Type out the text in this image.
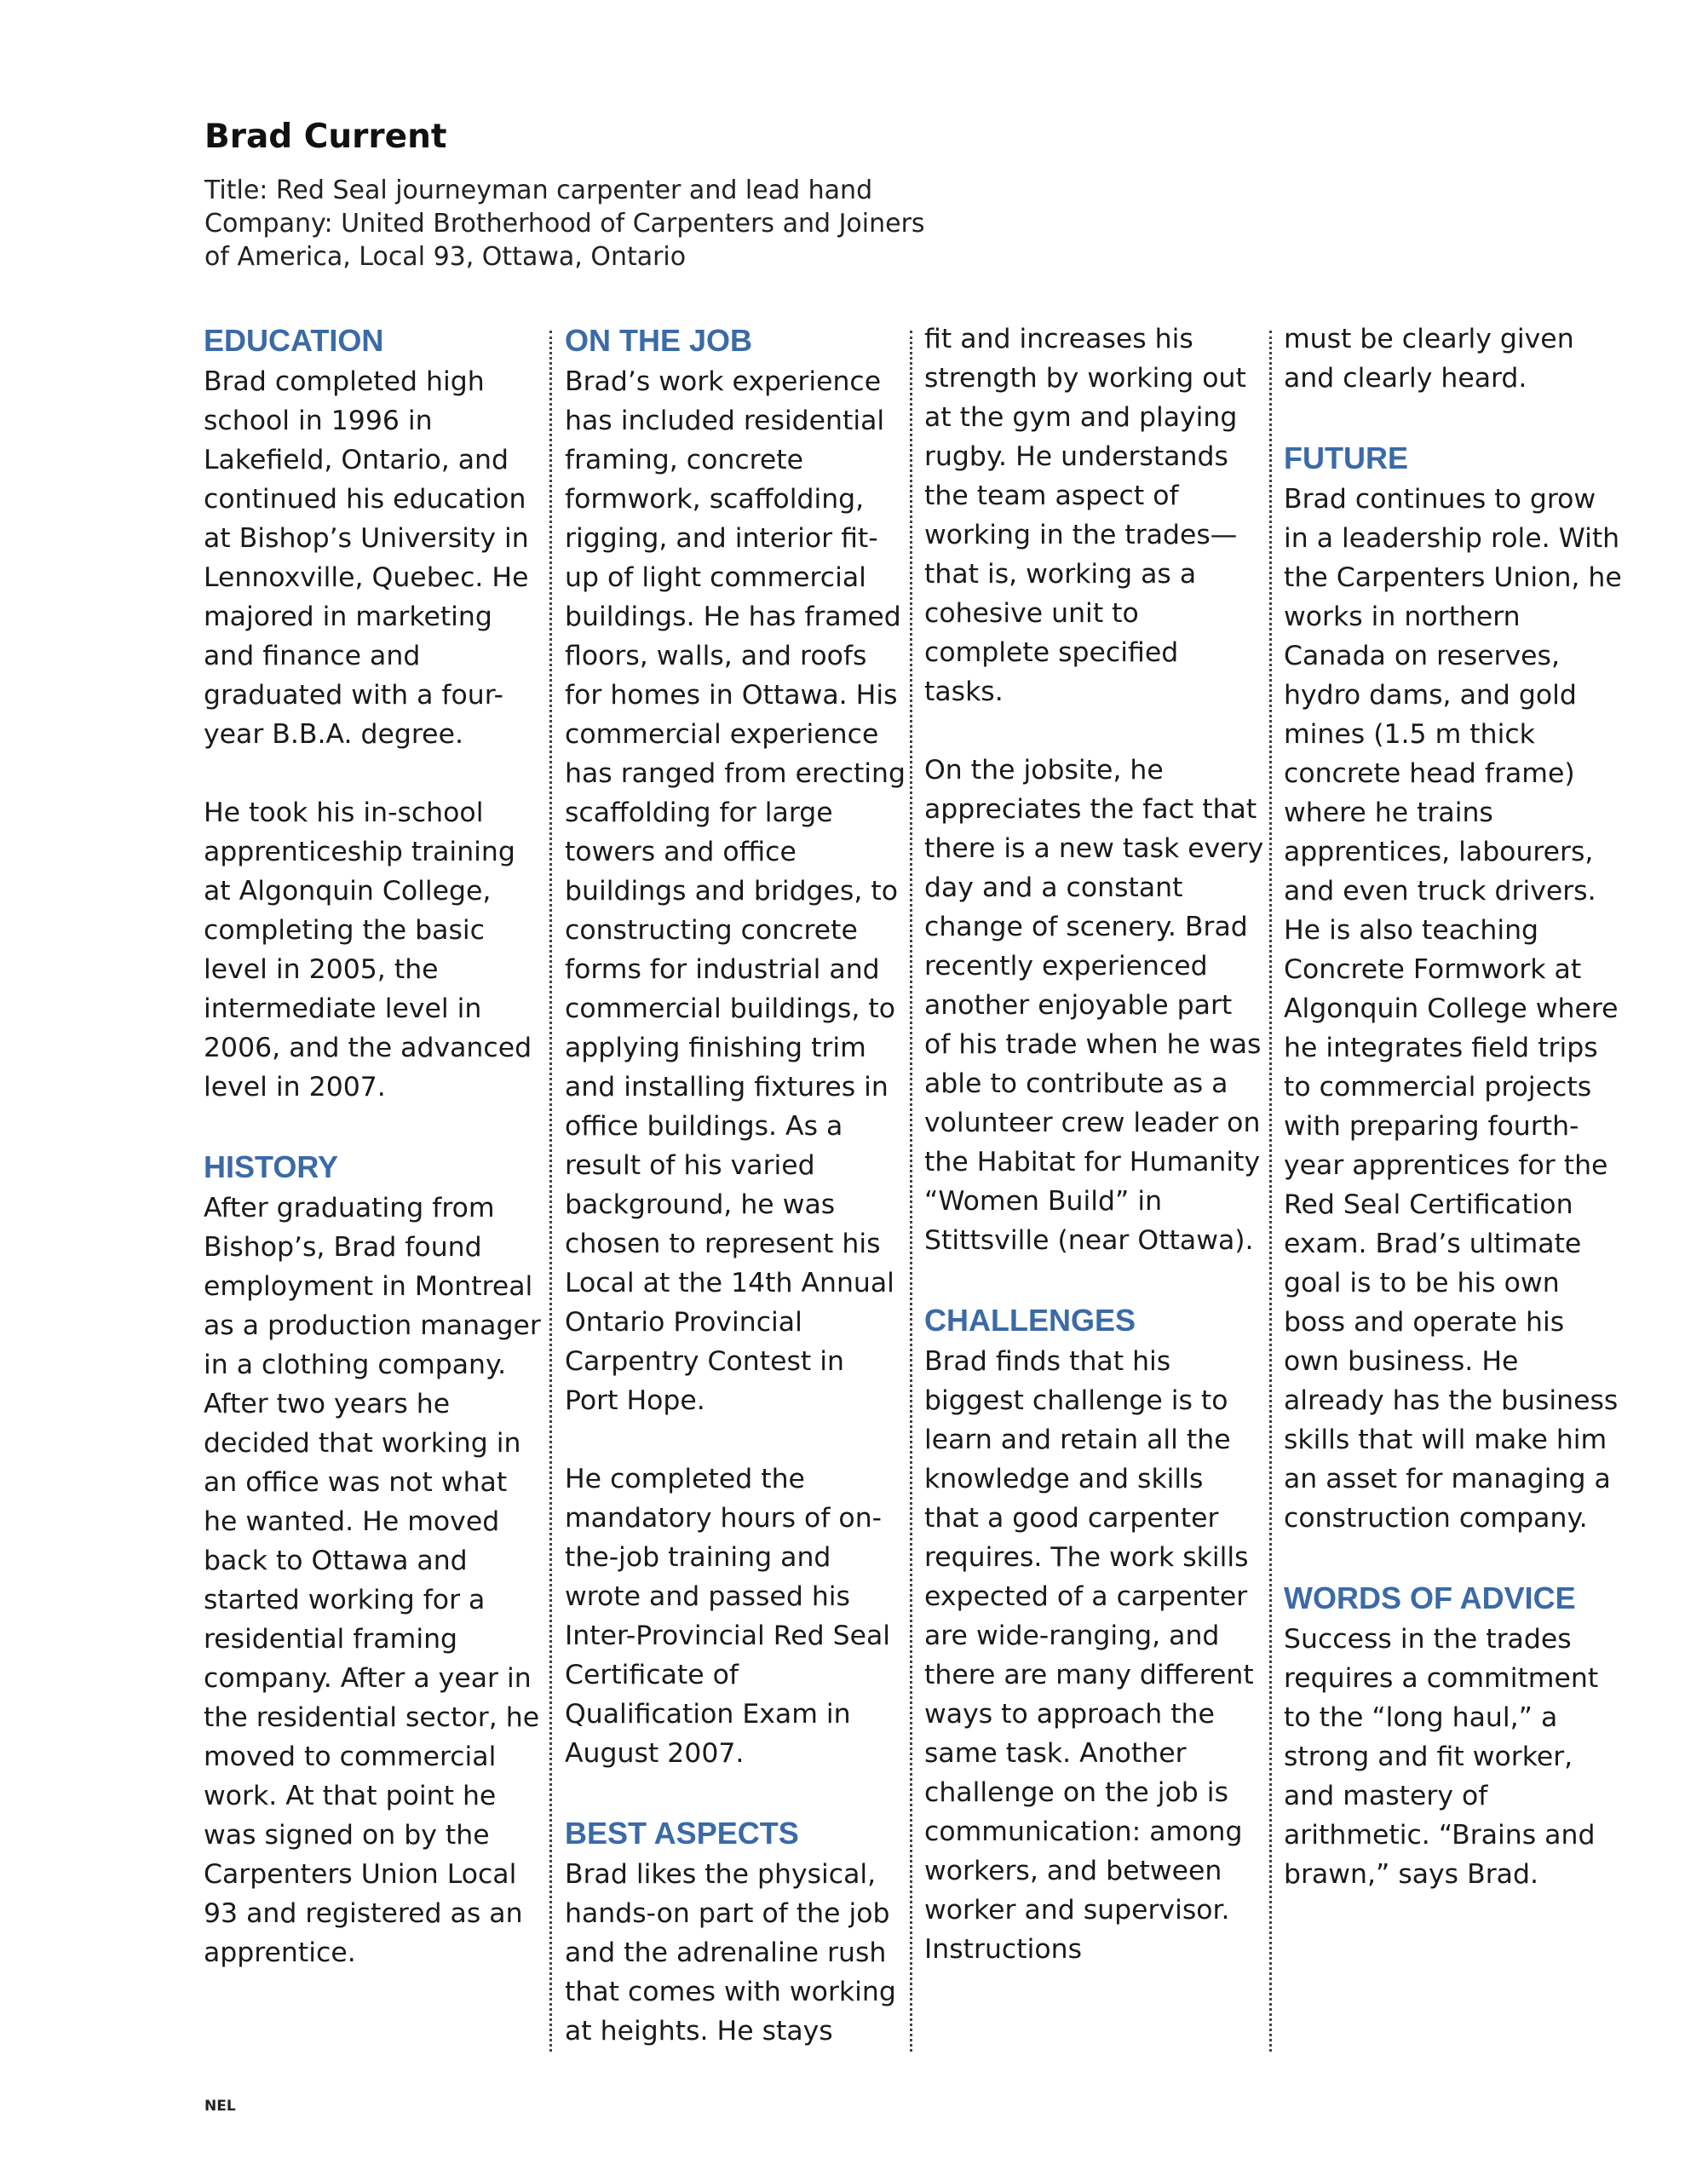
Brad Current
Title: Red Seal journeyman carpenter and lead hand
Company: United Brotherhood of Carpenters and Joiners
of America, Local 93, Ottawa, Ontario
EDUCATION

Brad completed high school in 1996 in Lakefield, Ontario, and continued his education at Bishop’s University in Lennoxville, Quebec. He majored in marketing and finance and graduated with a four-year B.B.A. degree.

He took his in-school apprenticeship training at Algonquin College, completing the basic level in 2005, the intermediate level in 2006, and the advanced level in 2007.

HISTORY

After graduating from Bishop’s, Brad found employment in Montreal as a production manager in a clothing company. After two years he decided that working in an office was not what he wanted. He moved back to Ottawa and started working for a residential framing company. After a year in the residential sector, he moved to commercial work. At that point he was signed on by the Carpenters Union Local 93 and registered as an apprentice.

ON THE JOB

Brad’s work experience has included residential framing, concrete formwork, scaffolding, rigging, and interior fit-up of light commercial buildings. He has framed floors, walls, and roofs for homes in Ottawa. His commercial experience has ranged from erecting scaffolding for large towers and office buildings and bridges, to constructing concrete forms for industrial and commercial buildings, to applying finishing trim and installing fixtures in office buildings. As a result of his varied background, he was chosen to represent his Local at the 14th Annual Ontario Provincial Carpentry Contest in Port Hope.

He completed the mandatory hours of on-the-job training and wrote and passed his Inter-Provincial Red Seal Certificate of Qualification Exam in August 2007.

BEST ASPECTS

Brad likes the physical, hands-on part of the job and the adrenaline rush that comes with working at heights. He stays

fit and increases his strength by working out at the gym and playing rugby. He understands the team aspect of working in the trades— that is, working as a cohesive unit to complete specified tasks.

On the jobsite, he appreciates the fact that there is a new task every day and a constant change of scenery. Brad recently experienced another enjoyable part of his trade when he was able to contribute as a volunteer crew leader on the Habitat for Humanity “Women Build” in Stittsville (near Ottawa).

CHALLENGES

Brad finds that his biggest challenge is to learn and retain all the knowledge and skills that a good carpenter requires. The work skills expected of a carpenter are wide-ranging, and there are many different ways to approach the same task. Another challenge on the job is communication: among workers, and between worker and supervisor. Instructions

must be clearly given and clearly heard.

FUTURE

Brad continues to grow in a leadership role. With the Carpenters Union, he works in northern Canada on reserves, hydro dams, and gold mines (1.5 m thick concrete head frame) where he trains apprentices, labourers, and even truck drivers. He is also teaching Concrete Formwork at Algonquin College where he integrates field trips to commercial projects with preparing fourth-year apprentices for the Red Seal Certification exam. Brad’s ultimate goal is to be his own boss and operate his own business. He already has the business skills that will make him an asset for managing a construction company.

WORDS OF ADVICE

Success in the trades requires a commitment to the “long haul,” a strong and fit worker, and mastery of arithmetic. “Brains and brawn,” says Brad.

NEL
